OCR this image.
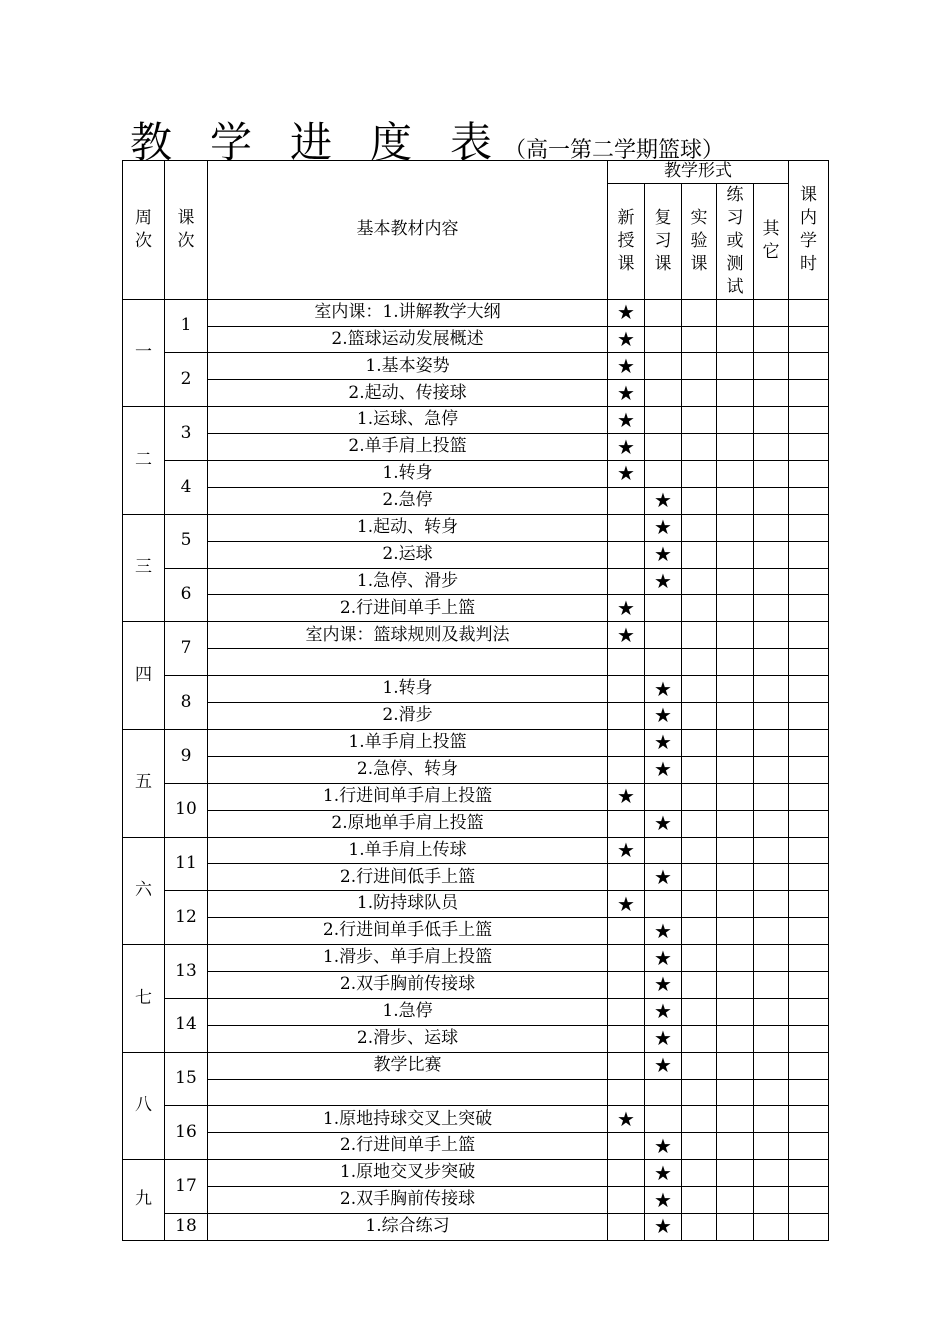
教学进度表（高一第二学期篮球）
周次	课次	基本教材内容	教学形式					课内学时
			新授课	复习课	实验课	练习或测试	其它	
一	1	室内课：1.讲解教学大纲	★					
		2.篮球运动发展概述	★					
	2	1.基本姿势	★					
		2.起动、传接球	★					
二	3	1.运球、急停	★					
		2.单手肩上投篮	★					
	4	1.转身	★					
		2.急停		★				
三	5	1.起动、转身		★				
		2.运球		★				
	6	1.急停、滑步		★				
		2.行进间单手上篮	★					
四	7	室内课：篮球规则及裁判法	★					

	8	1.转身		★				
		2.滑步		★				
五	9	1.单手肩上投篮		★				
		2.急停、转身		★				
	10	1.行进间单手肩上投篮	★					
		2.原地单手肩上投篮		★				
六	11	1.单手肩上传球	★					
		2.行进间低手上篮		★				
	12	1.防持球队员	★					
		2.行进间单手低手上篮		★				
七	13	1.滑步、单手肩上投篮		★				
		2.双手胸前传接球		★				
	14	1.急停		★				
		2.滑步、运球		★				
八	15	教学比赛		★				

	16	1.原地持球交叉上突破	★					
		2.行进间单手上篮		★				
九	17	1.原地交叉步突破		★				
		2.双手胸前传接球		★				
	18	1.综合练习		★				
